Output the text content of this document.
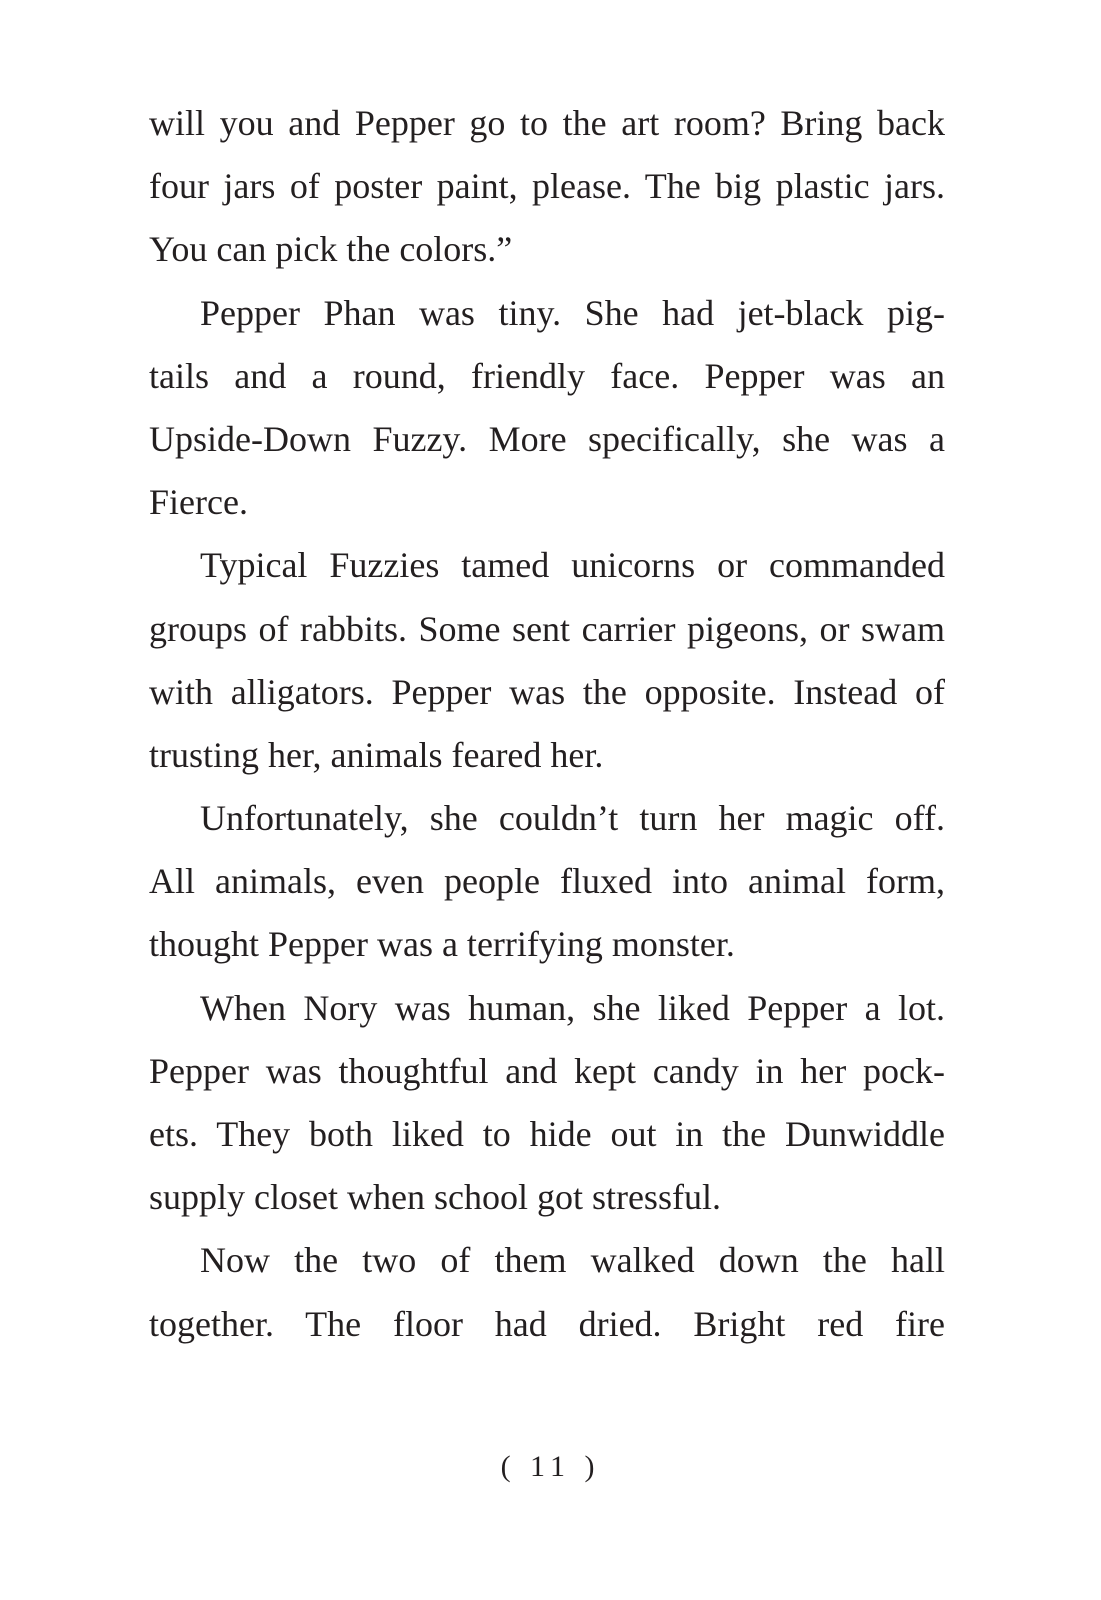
will you and Pepper go to the art room? Bring back
four jars of poster paint, please. The big plastic jars.
You can pick the colors.”
Pepper Phan was tiny. She had jet-black pig-
tails and a round, friendly face. Pepper was an
Upside-Down Fuzzy. More specifically, she was a
Fierce.
Typical Fuzzies tamed unicorns or commanded
groups of rabbits. Some sent carrier pigeons, or swam
with alligators. Pepper was the opposite. Instead of
trusting her, animals feared her.
Unfortunately, she couldn’t turn her magic off.
All animals, even people fluxed into animal form,
thought Pepper was a terrifying monster.
When Nory was human, she liked Pepper a lot.
Pepper was thoughtful and kept candy in her pock-
ets. They both liked to hide out in the Dunwiddle
supply closet when school got stressful.
Now the two of them walked down the hall
together. The floor had dried. Bright red fire
( 11 )
